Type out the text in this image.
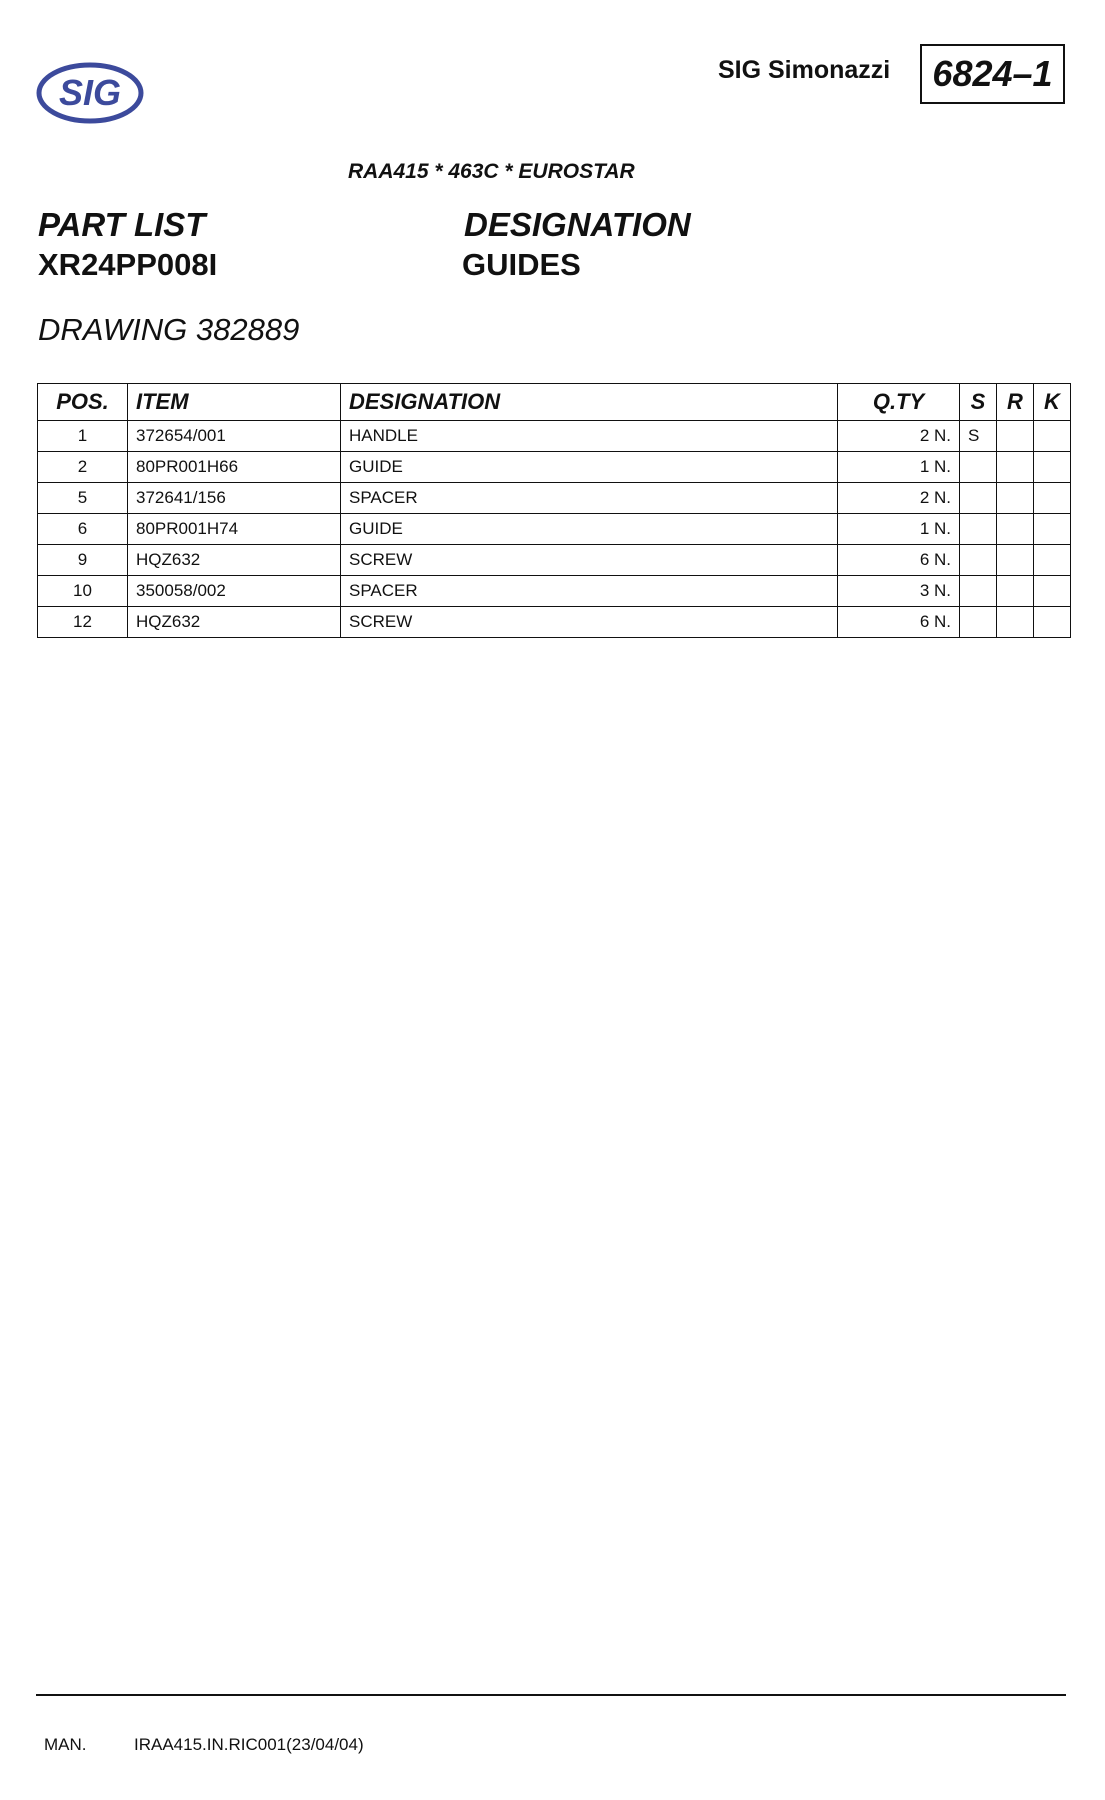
SIG
SIG Simonazzi	6824–1
RAA415 * 463C * EUROSTAR
PART LIST
XR24PP008I
DESIGNATION
GUIDES
DRAWING 382889
POS.	ITEM	DESIGNATION	Q.TY	S	R	K
1	372654/001	HANDLE	2 N.	S		
2	80PR001H66	GUIDE	1 N.			
5	372641/156	SPACER	2 N.			
6	80PR001H74	GUIDE	1 N.			
9	HQZ632	SCREW	6 N.			
10	350058/002	SPACER	3 N.			
12	HQZ632	SCREW	6 N.			
MAN.	IRAA415.IN.RIC001(23/04/04)
